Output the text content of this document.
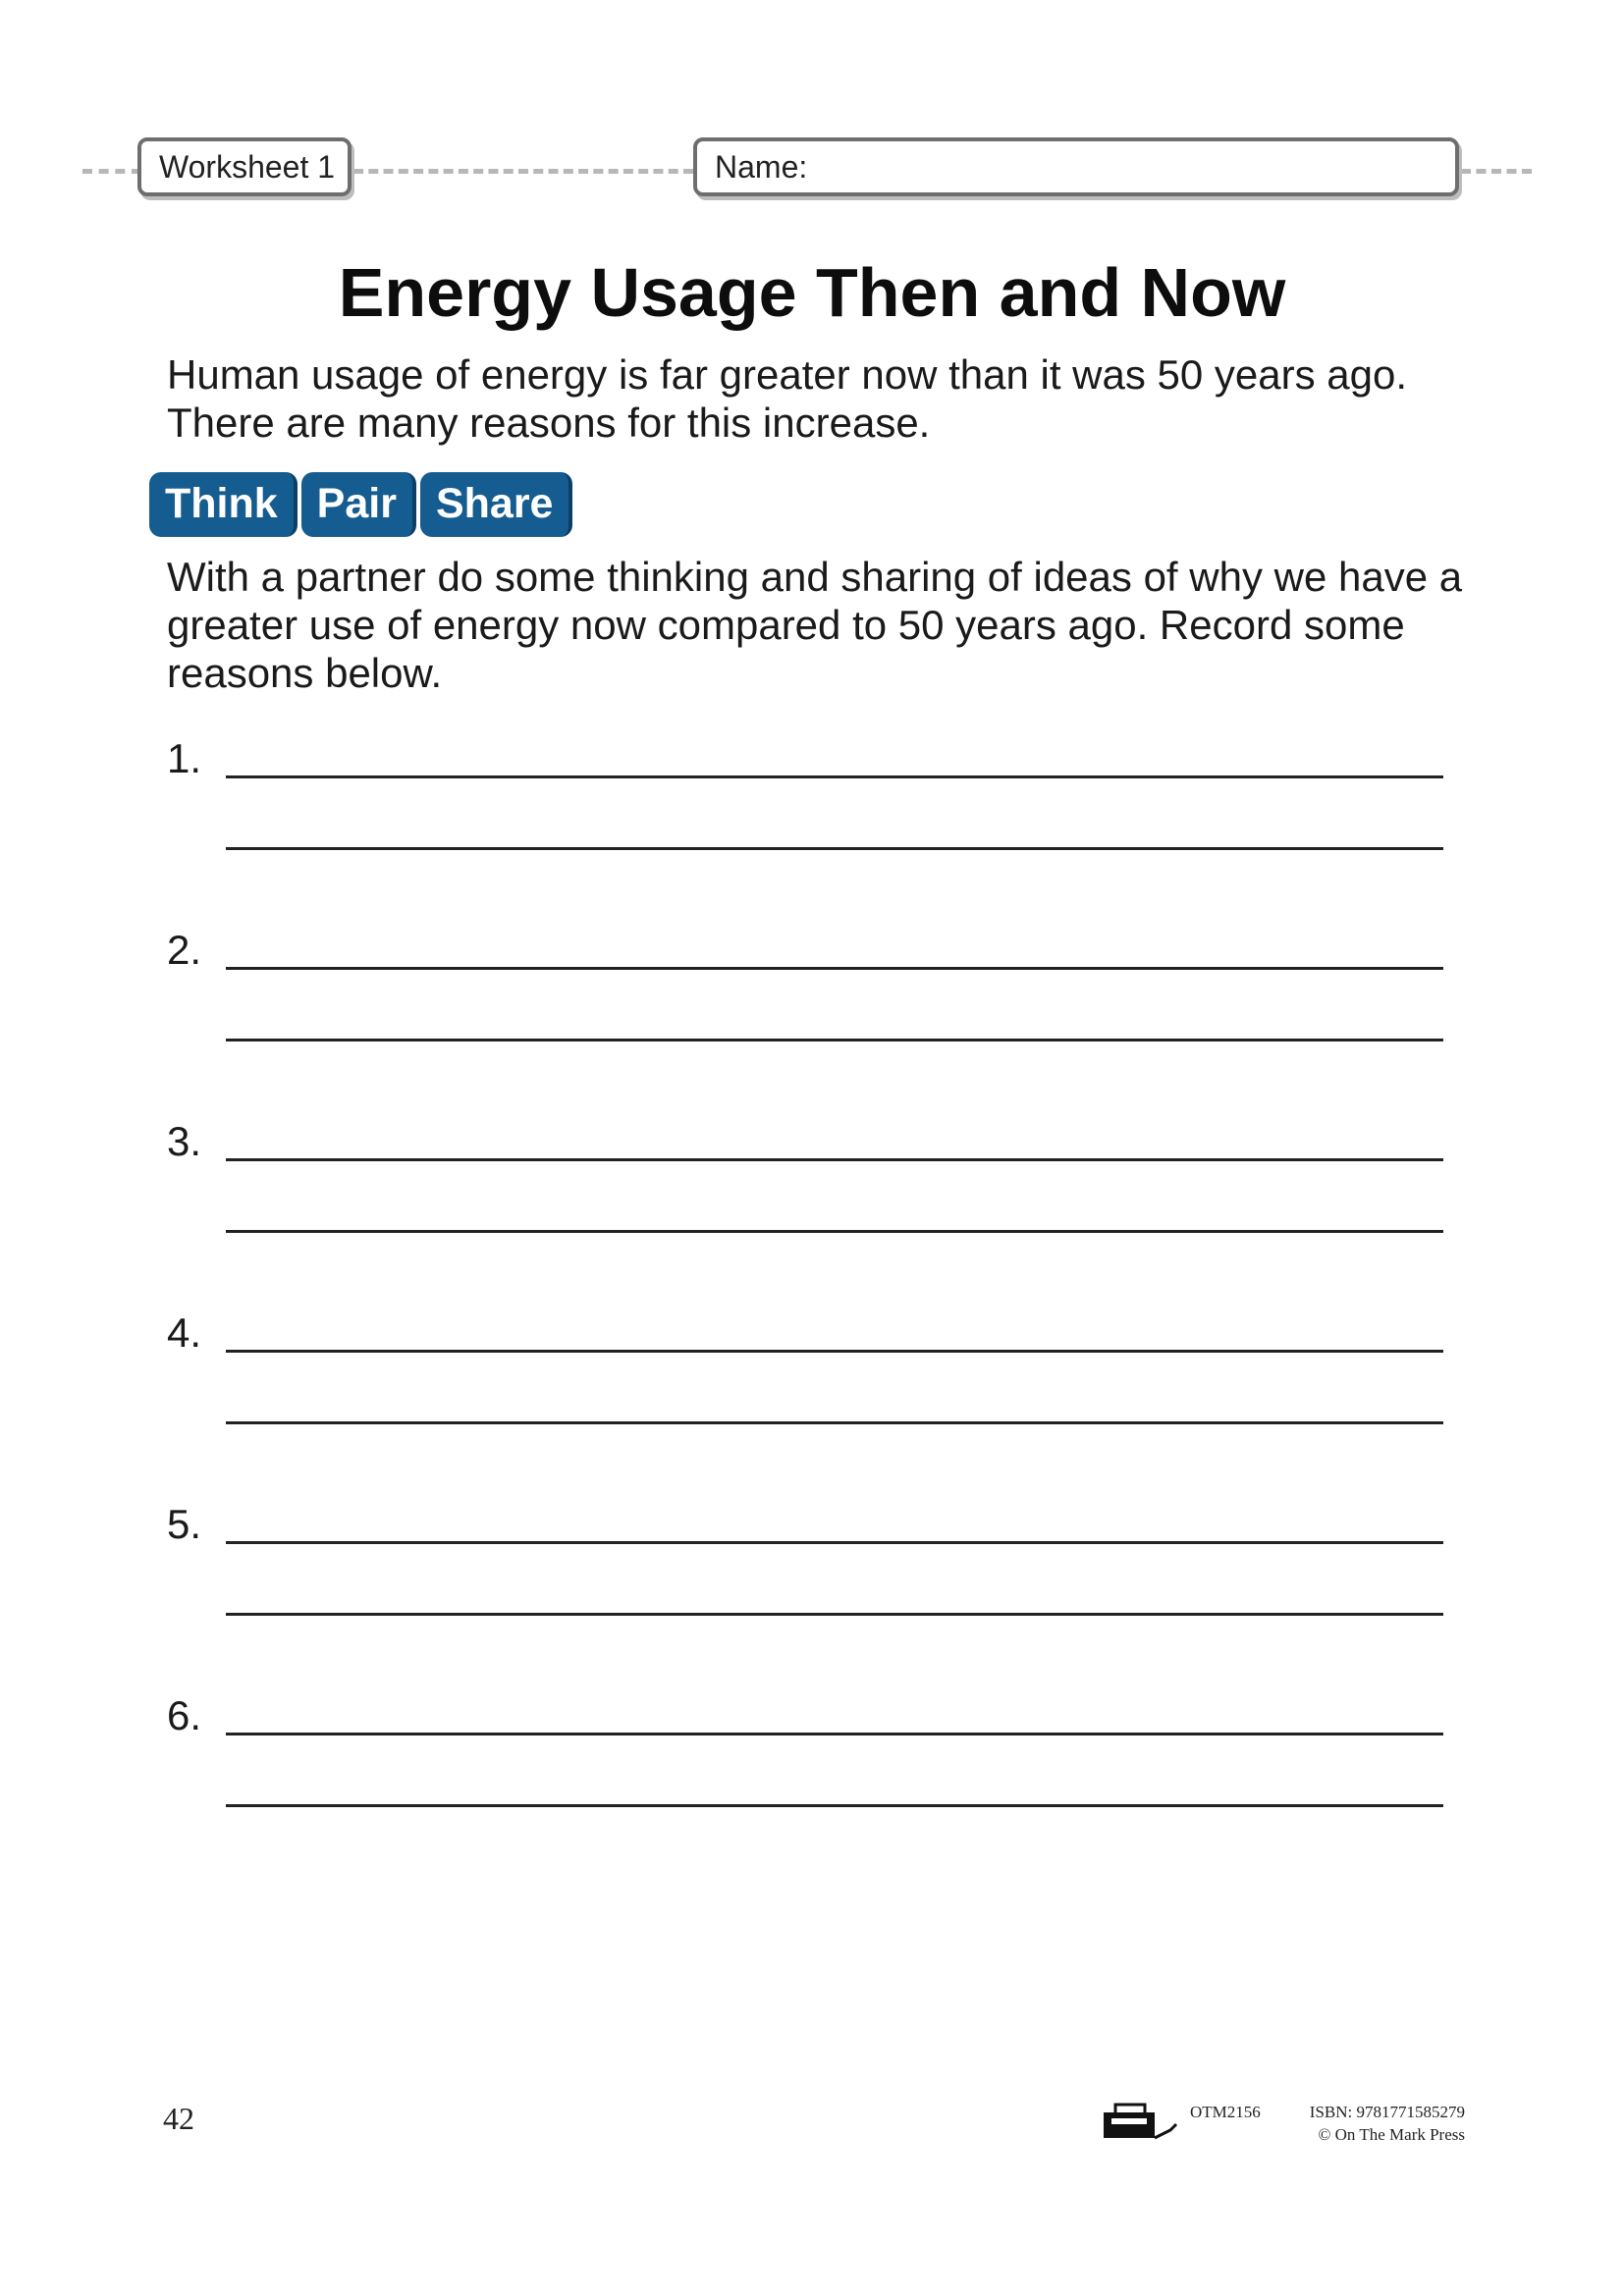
Worksheet 1	Name:
Energy Usage Then and Now
Human usage of energy is far greater now than it was 50 years ago. There are many reasons for this increase.
Think Pair Share
With a partner do some thinking and sharing of ideas of why we have a greater use of energy now compared to 50 years ago. Record some reasons below.
1.
2.
3.
4.
5.
6.
42	OTM2156	ISBN: 9781771585279
© On The Mark Press
